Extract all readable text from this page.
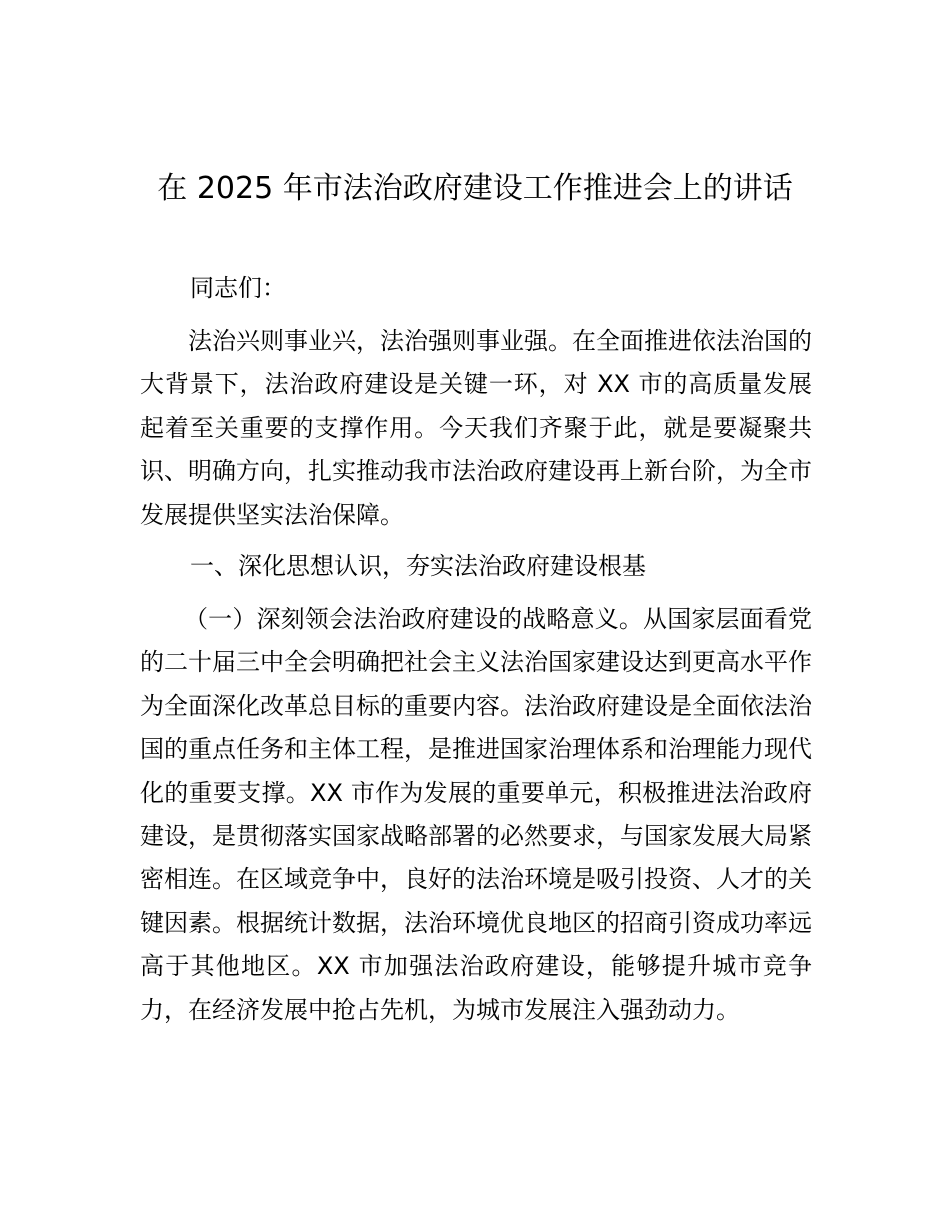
在 2025 年市法治政府建设工作推进会上的讲话

同志们：

法治兴则事业兴，法治强则事业强。在全面推进依法治国的大背景下，法治政府建设是关键一环，对 XX 市的高质量发展起着至关重要的支撑作用。今天我们齐聚于此，就是要凝聚共识、明确方向，扎实推动我市法治政府建设再上新台阶，为全市发展提供坚实法治保障。

一、深化思想认识，夯实法治政府建设根基

（一）深刻领会法治政府建设的战略意义。从国家层面看党的二十届三中全会明确把社会主义法治国家建设达到更高水平作为全面深化改革总目标的重要内容。法治政府建设是全面依法治国的重点任务和主体工程，是推进国家治理体系和治理能力现代化的重要支撑。XX 市作为发展的重要单元，积极推进法治政府建设，是贯彻落实国家战略部署的必然要求，与国家发展大局紧密相连。在区域竞争中，良好的法治环境是吸引投资、人才的关键因素。根据统计数据，法治环境优良地区的招商引资成功率远高于其他地区。XX 市加强法治政府建设，能够提升城市竞争力，在经济发展中抢占先机，为城市发展注入强劲动力。
